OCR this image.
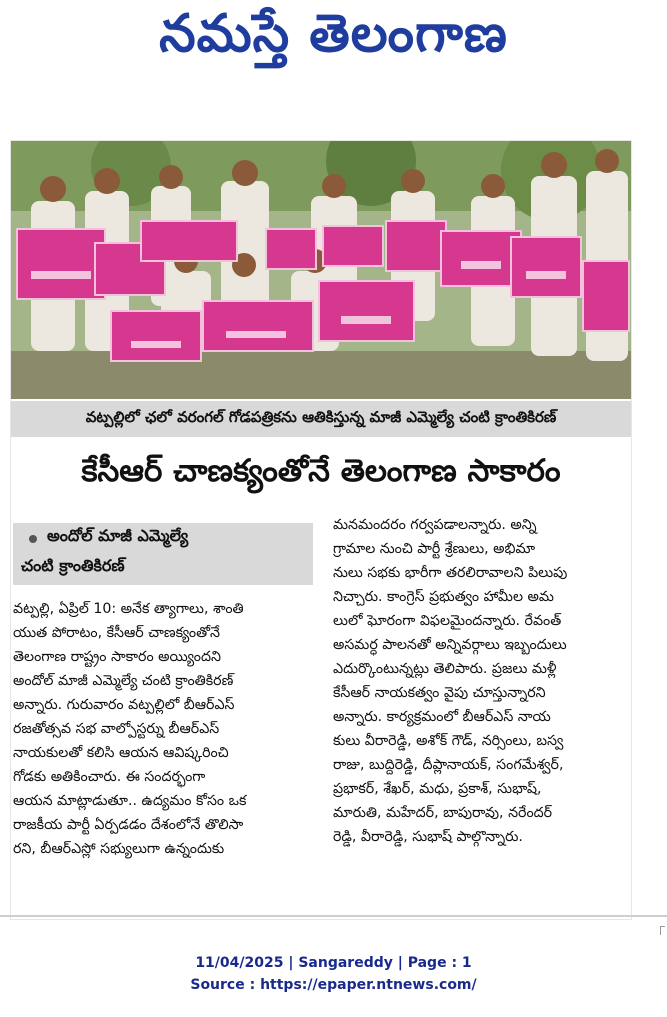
నమస్తే తెలంగాణ
వట్పల్లిలో ఛలో వరంగల్ గోడపత్రికను ఆతికిస్తున్న మాజీ ఎమ్మెల్యే చంటి క్రాంతికిరణ్
కేసీఆర్ చాణక్యంతోనే తెలంగాణ సాకారం
అందోల్ మాజీ ఎమ్మెల్యే
చంటి క్రాంతికిరణ్

వట్పల్లి, ఏప్రిల్ 10: అనేక త్యాగాలు, శాంతి

యుత పోరాటం, కేసీఆర్ చాణక్యంతోనే

తెలంగాణ రాష్ట్రం సాకారం అయ్యిందని

అందోల్ మాజీ ఎమ్మెల్యే చంటి క్రాంతికిరణ్

అన్నారు. గురువారం వట్పల్లిలో బీఆర్ఎస్

రజతోత్సవ సభ వాల్పోస్టర్ను బీఆర్ఎస్

నాయకులతో కలిసి ఆయన ఆవిష్కరించి

గోడకు అతికించారు. ఈ సందర్భంగా

ఆయన మాట్లాడుతూ.. ఉద్యమం కోసం ఒక

రాజకీయ పార్టీ ఏర్పడడం దేశంలోనే తొలిసా

రని, బీఆర్ఎస్లో సభ్యులుగా ఉన్నందుకు

మనమందరం గర్వపడాలన్నారు. అన్ని

గ్రామాల నుంచి పార్టీ శ్రేణులు, అభిమా

నులు సభకు భారీగా తరలిరావాలని పిలుపు

నిచ్చారు. కాంగ్రెస్ ప్రభుత్వం హామీల అమ

లులో ఘోరంగా విఫలమైందన్నారు. రేవంత్

అసమర్ధ పాలనతో అన్నివర్గాలు ఇబ్బందులు

ఎదుర్కొంటున్నట్లు తెలిపారు. ప్రజలు మళ్లీ

కేసీఆర్ నాయకత్వం వైపు చూస్తున్నారని

అన్నారు. కార్యక్రమంలో బీఆర్ఎస్ నాయ

కులు వీరారెడ్డి, అశోక్ గౌడ్, నర్సింలు, బస్వ

రాజు, బుద్దిరెడ్డి, దీప్లానాయక్, సంగమేశ్వర్,

ప్రభాకర్, శేఖర్, మధు, ప్రకాశ్, సుభాష్,

మారుతి, మహేదర్, బాపురావు, నరేందర్

రెడ్డి, వీరారెడ్డి, సుభాష్ పాల్గొన్నారు.

11/04/2025 | Sangareddy | Page : 1
Source : https://epaper.ntnews.com/
